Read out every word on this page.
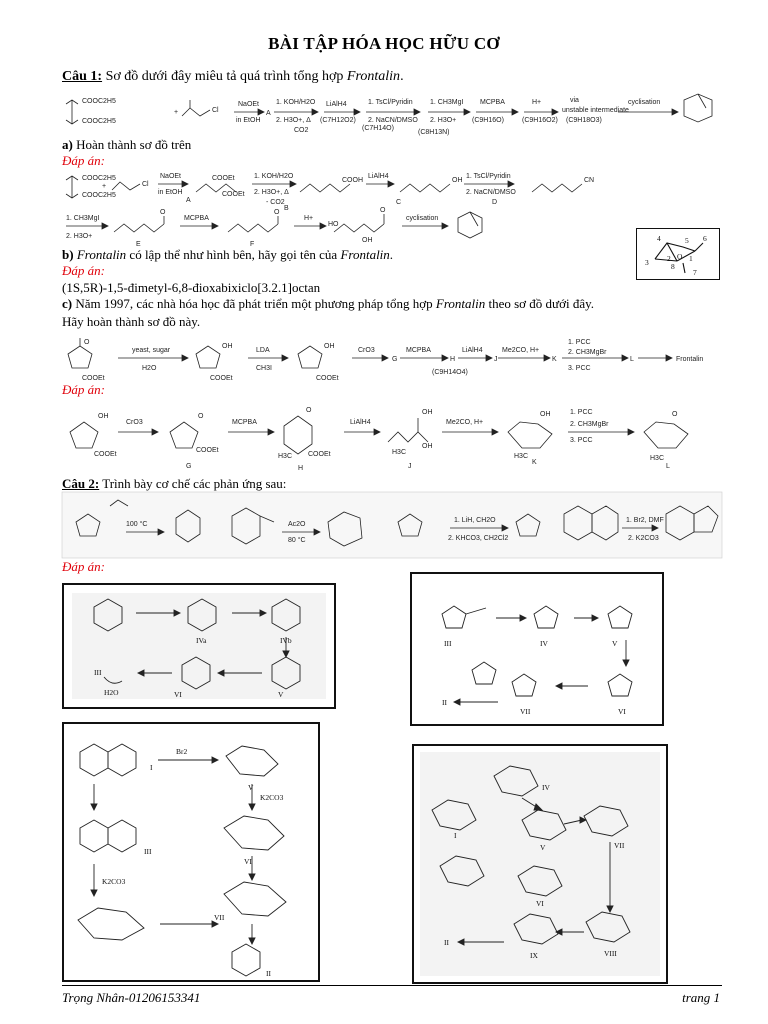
BÀI TẬP HÓA HỌC HỮU CƠ
Câu 1: Sơ đồ dưới đây miêu tả quá trình tổng hợp Frontalin.
COOC2H5
COOC2H5
+	Cl
NaOEt
in EtOH
A
1. KOH/H2O
2. H3O+, Δ
CO2
LiAlH4
(C7H12O2)
1. TsCl/Pyridin
2. NaCN/DMSO
(C7H14O)
1. CH3MgI
2. H3O+
(C8H13N)
MCPBA
(C9H16O)
H+
(C9H16O2)
via
unstable intermediate
(C9H18O3)
cyclisation
a) Hoàn thành sơ đồ trên
Đáp án:
COOC2H5
COOC2H5
+	Cl
NaOEt
in EtOH
A
COOEt
COOEt
1. KOH/H2O
2. H3O+, Δ
- CO2
B
COOH
LiAlH4
C
OH
1. TsCl/Pyridin
2. NaCN/DMSO
D
CN
1. CH3MgI
2. H3O+
E
O
MCPBA
F
O
H+
HO
OH
O
cyclisation
4	5 6
3 2 O 1
8
7
b) Frontalin có lập thể như hình bên, hãy gọi tên của Frontalin.
Đáp án:
(1S,5R)-1,5-đimetyl-6,8-đioxabixiclo[3.2.1]octan
c) Năm 1997, các nhà hóa học đã phát triển một phương pháp tổng hợp Frontalin theo sơ đồ dưới đây.
Hãy hoàn thành sơ đồ này.
O
COOEt
yeast, sugar
H2O
OH
COOEt
LDA
CH3I
OH
COOEt
CrO3
G
MCPBA
H
(C9H14O4)
LiAlH4
J
Me2CO, H+
K
1. PCC
2. CH3MgBr
3. PCC
L	Frontalin
Đáp án:
OH
COOEt
CrO3
O
COOEt
G
MCPBA
O
H3C COOEt
H
LiAlH4
OH
OH
H3C
J
Me2CO, H+
OH
H3C
K
1. PCC
2. CH3MgBr
3. PCC
O
H3C
L
Câu 2: Trình bày cơ chế các phản ứng sau:
100 °C	Ac2O
80 °C
1. LiH, CH2O
2. KHCO3, CH2Cl2
1. Br2, DMF
2. K2CO3
Đáp án:
IVa	IVb
III
VI	V
H2O
III	IV	V
VI
VII
II
I
Br2
V
K2CO3
VI
III
K2CO3
VII
II
I
IV
V
VI
VII
VIII
IX
II
Trọng Nhân-01206153341	trang 1
